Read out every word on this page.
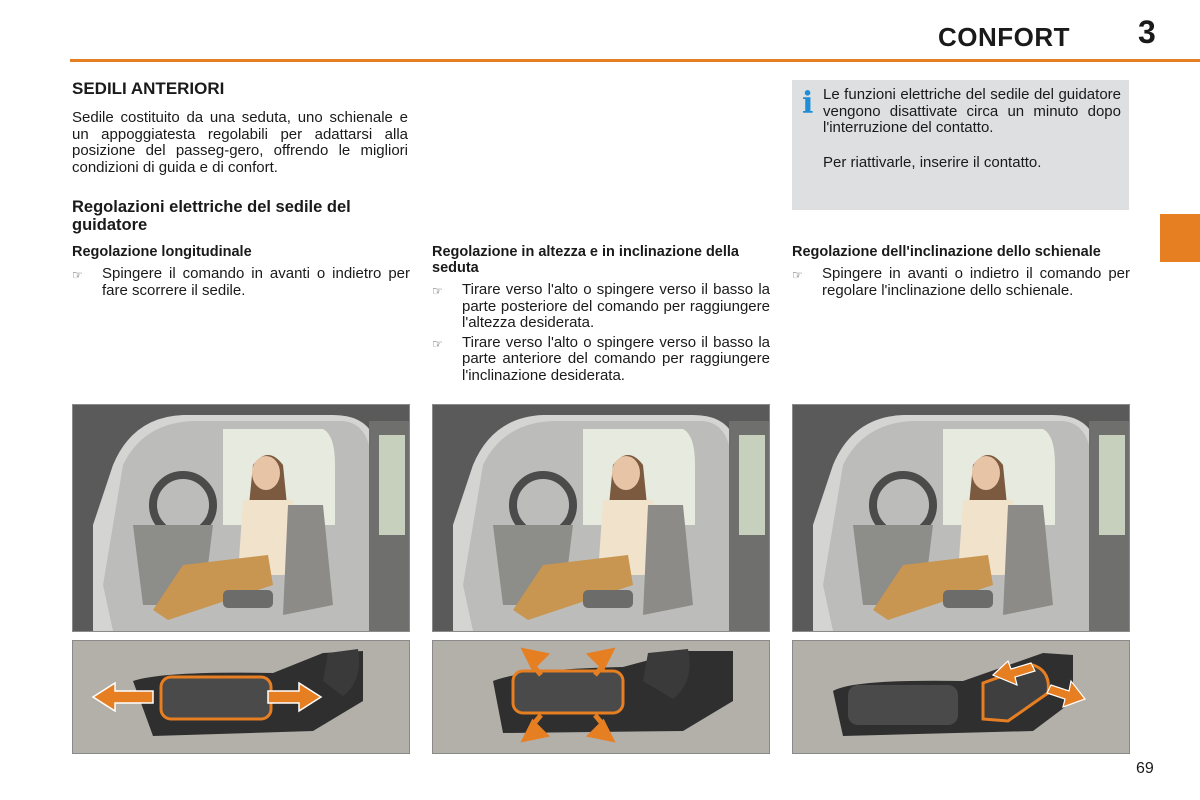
CONFORT 3
SEDILI ANTERIORI

Sedile costituito da una seduta, uno schienale e un appoggiatesta regolabili per adattarsi alla posizione del passeg-gero, offrendo le migliori condizioni di guida e di confort.

Regolazioni elettriche del sedile del guidatore
i Le funzioni elettriche del sedile del guidatore vengono disattivate circa un minuto dopo l'interruzione del contatto.

Per riattivarle, inserire il contatto.

Regolazione longitudinale
☞	Spingere il comando in avanti o indietro per fare scorrere il sedile.
Regolazione in altezza e in inclinazione della seduta
☞	Tirare verso l'alto o spingere verso il basso la parte posteriore del comando per raggiungere l'altezza desiderata.
☞	Tirare verso l'alto o spingere verso il basso la parte anteriore del comando per raggiungere l'inclinazione desiderata.
Regolazione dell'inclinazione dello schienale
☞	Spingere in avanti o indietro il comando per regolare l'inclinazione dello schienale.
69
